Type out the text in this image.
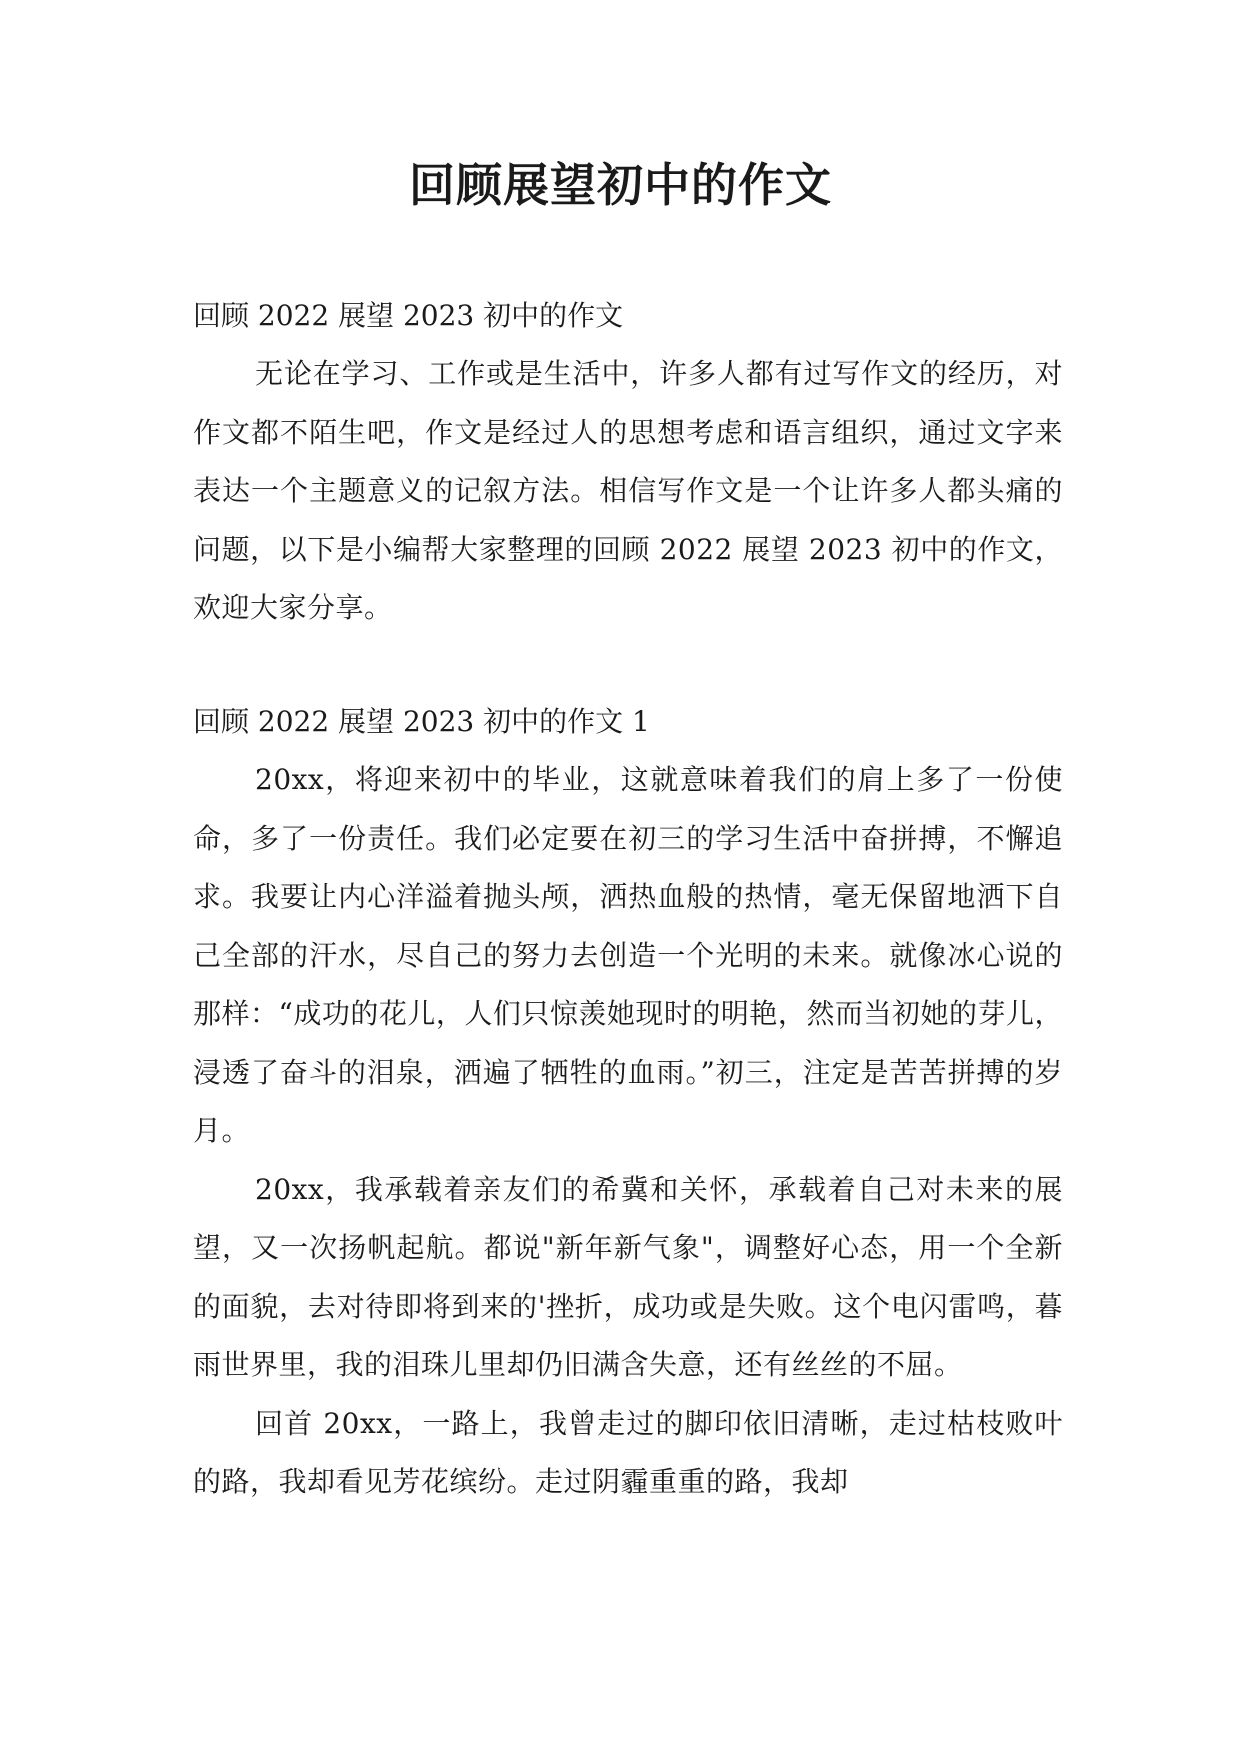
回顾展望初中的作文

回顾 2022 展望 2023 初中的作文

无论在学习、工作或是生活中，许多人都有过写作文的经历，对作文都不陌生吧，作文是经过人的思想考虑和语言组织，通过文字来表达一个主题意义的记叙方法。相信写作文是一个让许多人都头痛的问题，以下是小编帮大家整理的回顾 2022 展望 2023 初中的作文，欢迎大家分享。

回顾 2022 展望 2023 初中的作文 1

20xx，将迎来初中的毕业，这就意味着我们的肩上多了一份使命，多了一份责任。我们必定要在初三的学习生活中奋拼搏，不懈追求。我要让内心洋溢着抛头颅，洒热血般的热情，毫无保留地洒下自己全部的汗水，尽自己的努力去创造一个光明的未来。就像冰心说的那样：“成功的花儿，人们只惊羡她现时的明艳，然而当初她的芽儿，浸透了奋斗的泪泉，洒遍了牺牲的血雨。”初三，注定是苦苦拼搏的岁月。

20xx，我承载着亲友们的希冀和关怀，承载着自己对未来的展望，又一次扬帆起航。都说"新年新气象"，调整好心态，用一个全新的面貌，去对待即将到来的'挫折，成功或是失败。这个电闪雷鸣，暮雨世界里，我的泪珠儿里却仍旧满含失意，还有丝丝的不屈。

回首 20xx，一路上，我曾走过的脚印依旧清晰，走过枯枝败叶的路，我却看见芳花缤纷。走过阴霾重重的路，我却
